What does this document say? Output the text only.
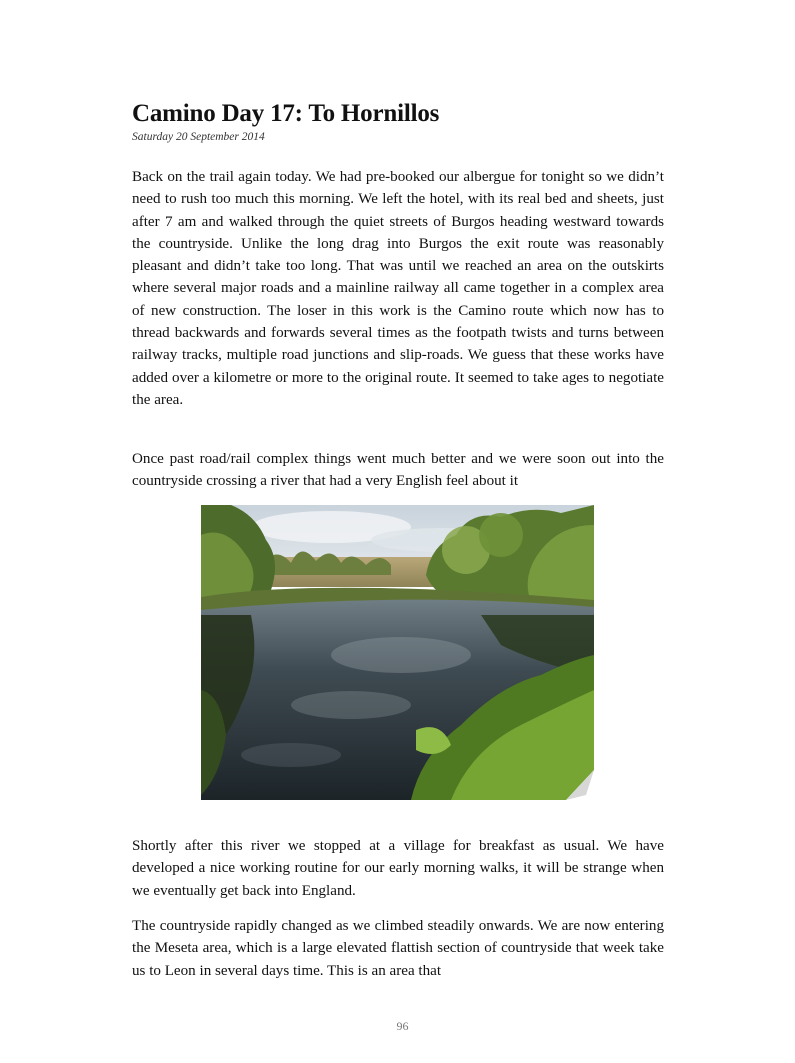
Camino Day 17: To Hornillos

Saturday 20 September 2014

Back on the trail again today. We had pre-booked our albergue for tonight so we didn’t need to rush too much this morning. We left the hotel, with its real bed and sheets, just after 7 am and walked through the quiet streets of Burgos heading westward towards the countryside. Unlike the long drag into Burgos the exit route was reasonably pleasant and didn’t take too long. That was until we reached an area on the outskirts where several major roads and a mainline railway all came together in a complex area of new construction. The loser in this work is the Camino route which now has to thread backwards and forwards several times as the footpath twists and turns between railway tracks, multiple road junctions and slip-roads. We guess that these works have added over a kilometre or more to the original route. It seemed to take ages to negotiate the area.

Once past road/rail complex things went much better and we were soon out into the countryside crossing a river that had a very English feel about it

Shortly after this river we stopped at a village for breakfast as usual. We have developed a nice working routine for our early morning walks, it will be strange when we eventually get back into England.

The countryside rapidly changed as we climbed steadily onwards. We are now entering the Meseta area, which is a large elevated flattish section of countryside that week take us to Leon in several days time. This is an area that

96
